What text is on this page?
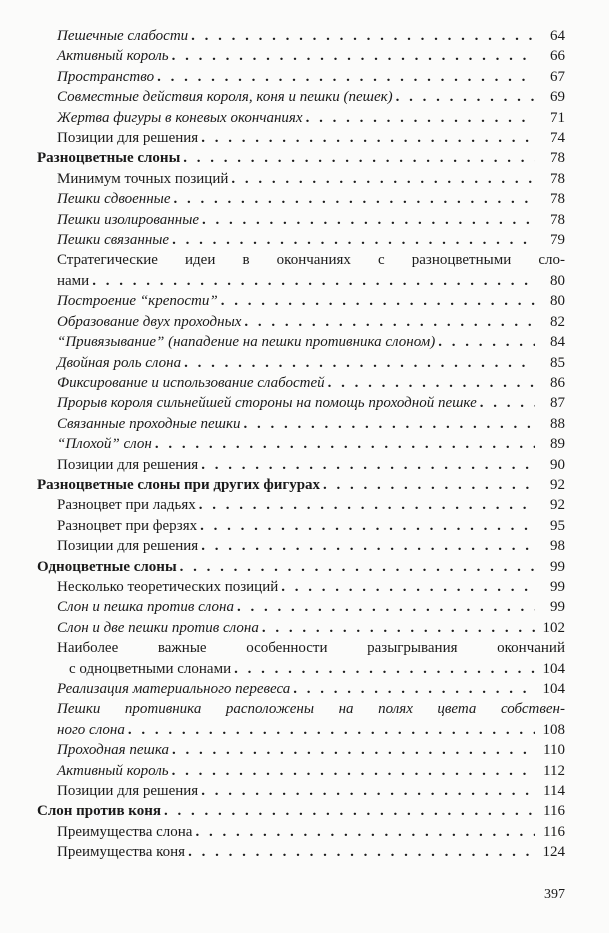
Пешечные слабости . . .	64
Активный король . . .	66
Пространство . . .	67
Совместные действия короля, коня и пешки (пешек) . . .	69
Жертва фигуры в коневых окончаниях . . .	71
Позиции для решения . . .	74
Разноцветные слоны . . .	78
Минимум точных позиций . . .	78
Пешки сдвоенные . . .	78
Пешки изолированные . . .	78
Пешки связанные . . .	79
Стратегические идеи в окончаниях с разноцветными сло-
нами . . .	80
Построение “крепости” . . .	80
Образование двух проходных . . .	82
“Привязывание” (нападение на пешки противника слоном) . . .	84
Двойная роль слона . . .	85
Фиксирование и использование слабостей . . .	86
Прорыв короля сильнейшей стороны на помощь проходной пешке . . .	87
Связанные проходные пешки . . .	88
“Плохой” слон . . .	89
Позиции для решения . . .	90
Разноцветные слоны при других фигурах . . .	92
Разноцвет при ладьях . . .	92
Разноцвет при ферзях . . .	95
Позиции для решения . . .	98
Одноцветные слоны . . .	99
Несколько теоретических позиций . . .	99
Слон и пешка против слона . . .	99
Слон и две пешки против слона . . .	102
Наиболее важные особенности разыгрывания окончаний
с одноцветными слонами . . .	104
Реализация материального перевеса . . .	104
Пешки противника расположены на полях цвета собствен-
ного слона . . .	108
Проходная пешка . . .	110
Активный король . . .	112
Позиции для решения . . .	114
Слон против коня . . .	116
Преимущества слона . . .	116
Преимущества коня . . .	124
397
